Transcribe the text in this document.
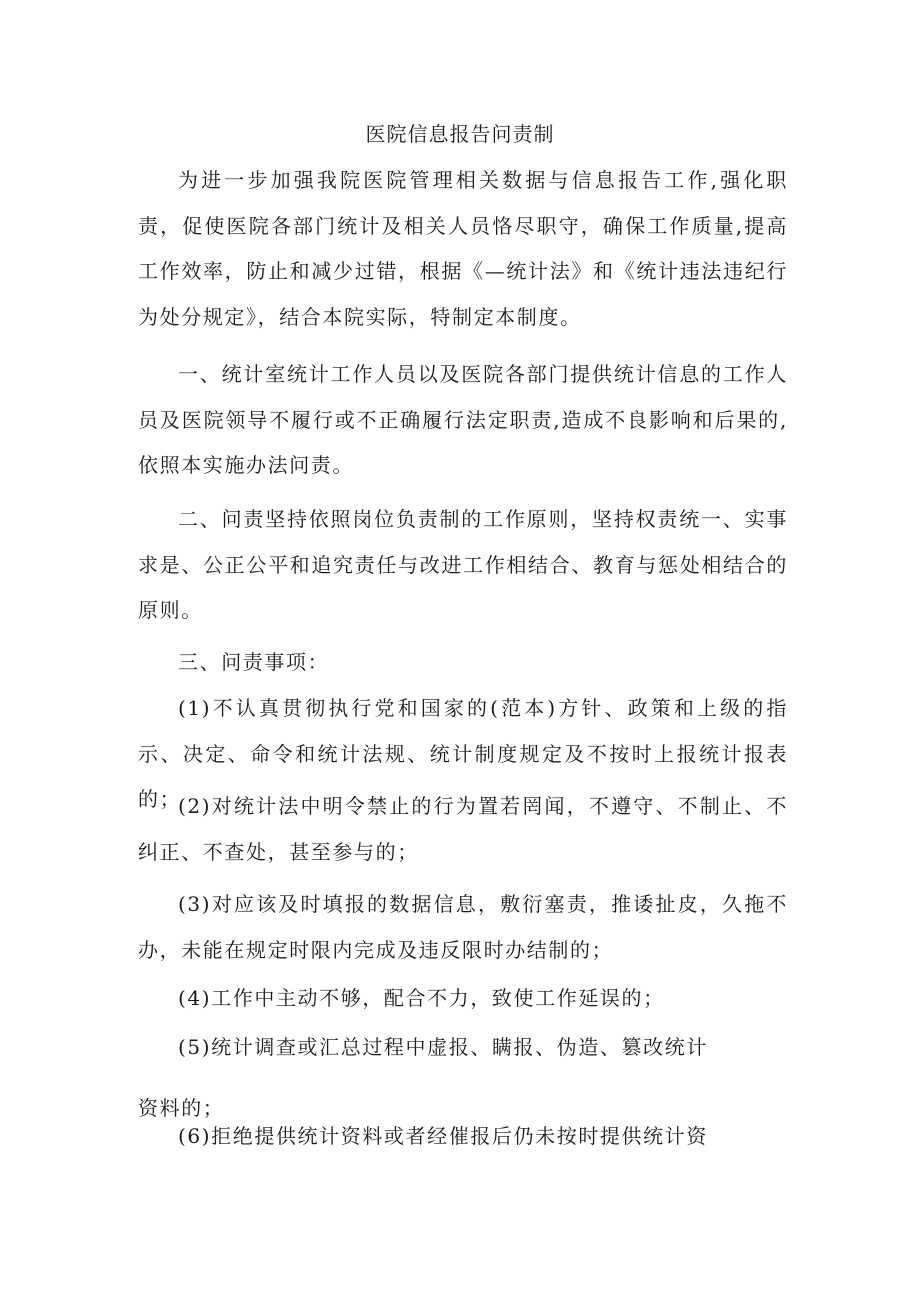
医院信息报告问责制

为进一步加强我院医院管理相关数据与信息报告工作,强化职责，促使医院各部门统计及相关人员恪尽职守，确保工作质量,提高工作效率，防止和减少过错，根据《—统计法》和《统计违法违纪行为处分规定》，结合本院实际，特制定本制度。

一、统计室统计工作人员以及医院各部门提供统计信息的工作人员及医院领导不履行或不正确履行法定职责,造成不良影响和后果的,依照本实施办法问责。

二、问责坚持依照岗位负责制的工作原则，坚持权责统一、实事求是、公正公平和追究责任与改进工作相结合、教育与惩处相结合的原则。

三、问责事项：

(1)不认真贯彻执行党和国家的(范本)方针、政策和上级的指示、决定、命令和统计法规、统计制度规定及不按时上报统计报表的；

(2)对统计法中明令禁止的行为置若罔闻，不遵守、不制止、不纠正、不查处，甚至参与的；

(3)对应该及时填报的数据信息，敷衍塞责，推诿扯皮，久拖不办，未能在规定时限内完成及违反限时办结制的；

(4)工作中主动不够，配合不力，致使工作延误的；

(5)统计调查或汇总过程中虚报、瞒报、伪造、篡改统计

资料的；

(6)拒绝提供统计资料或者经催报后仍未按时提供统计资
